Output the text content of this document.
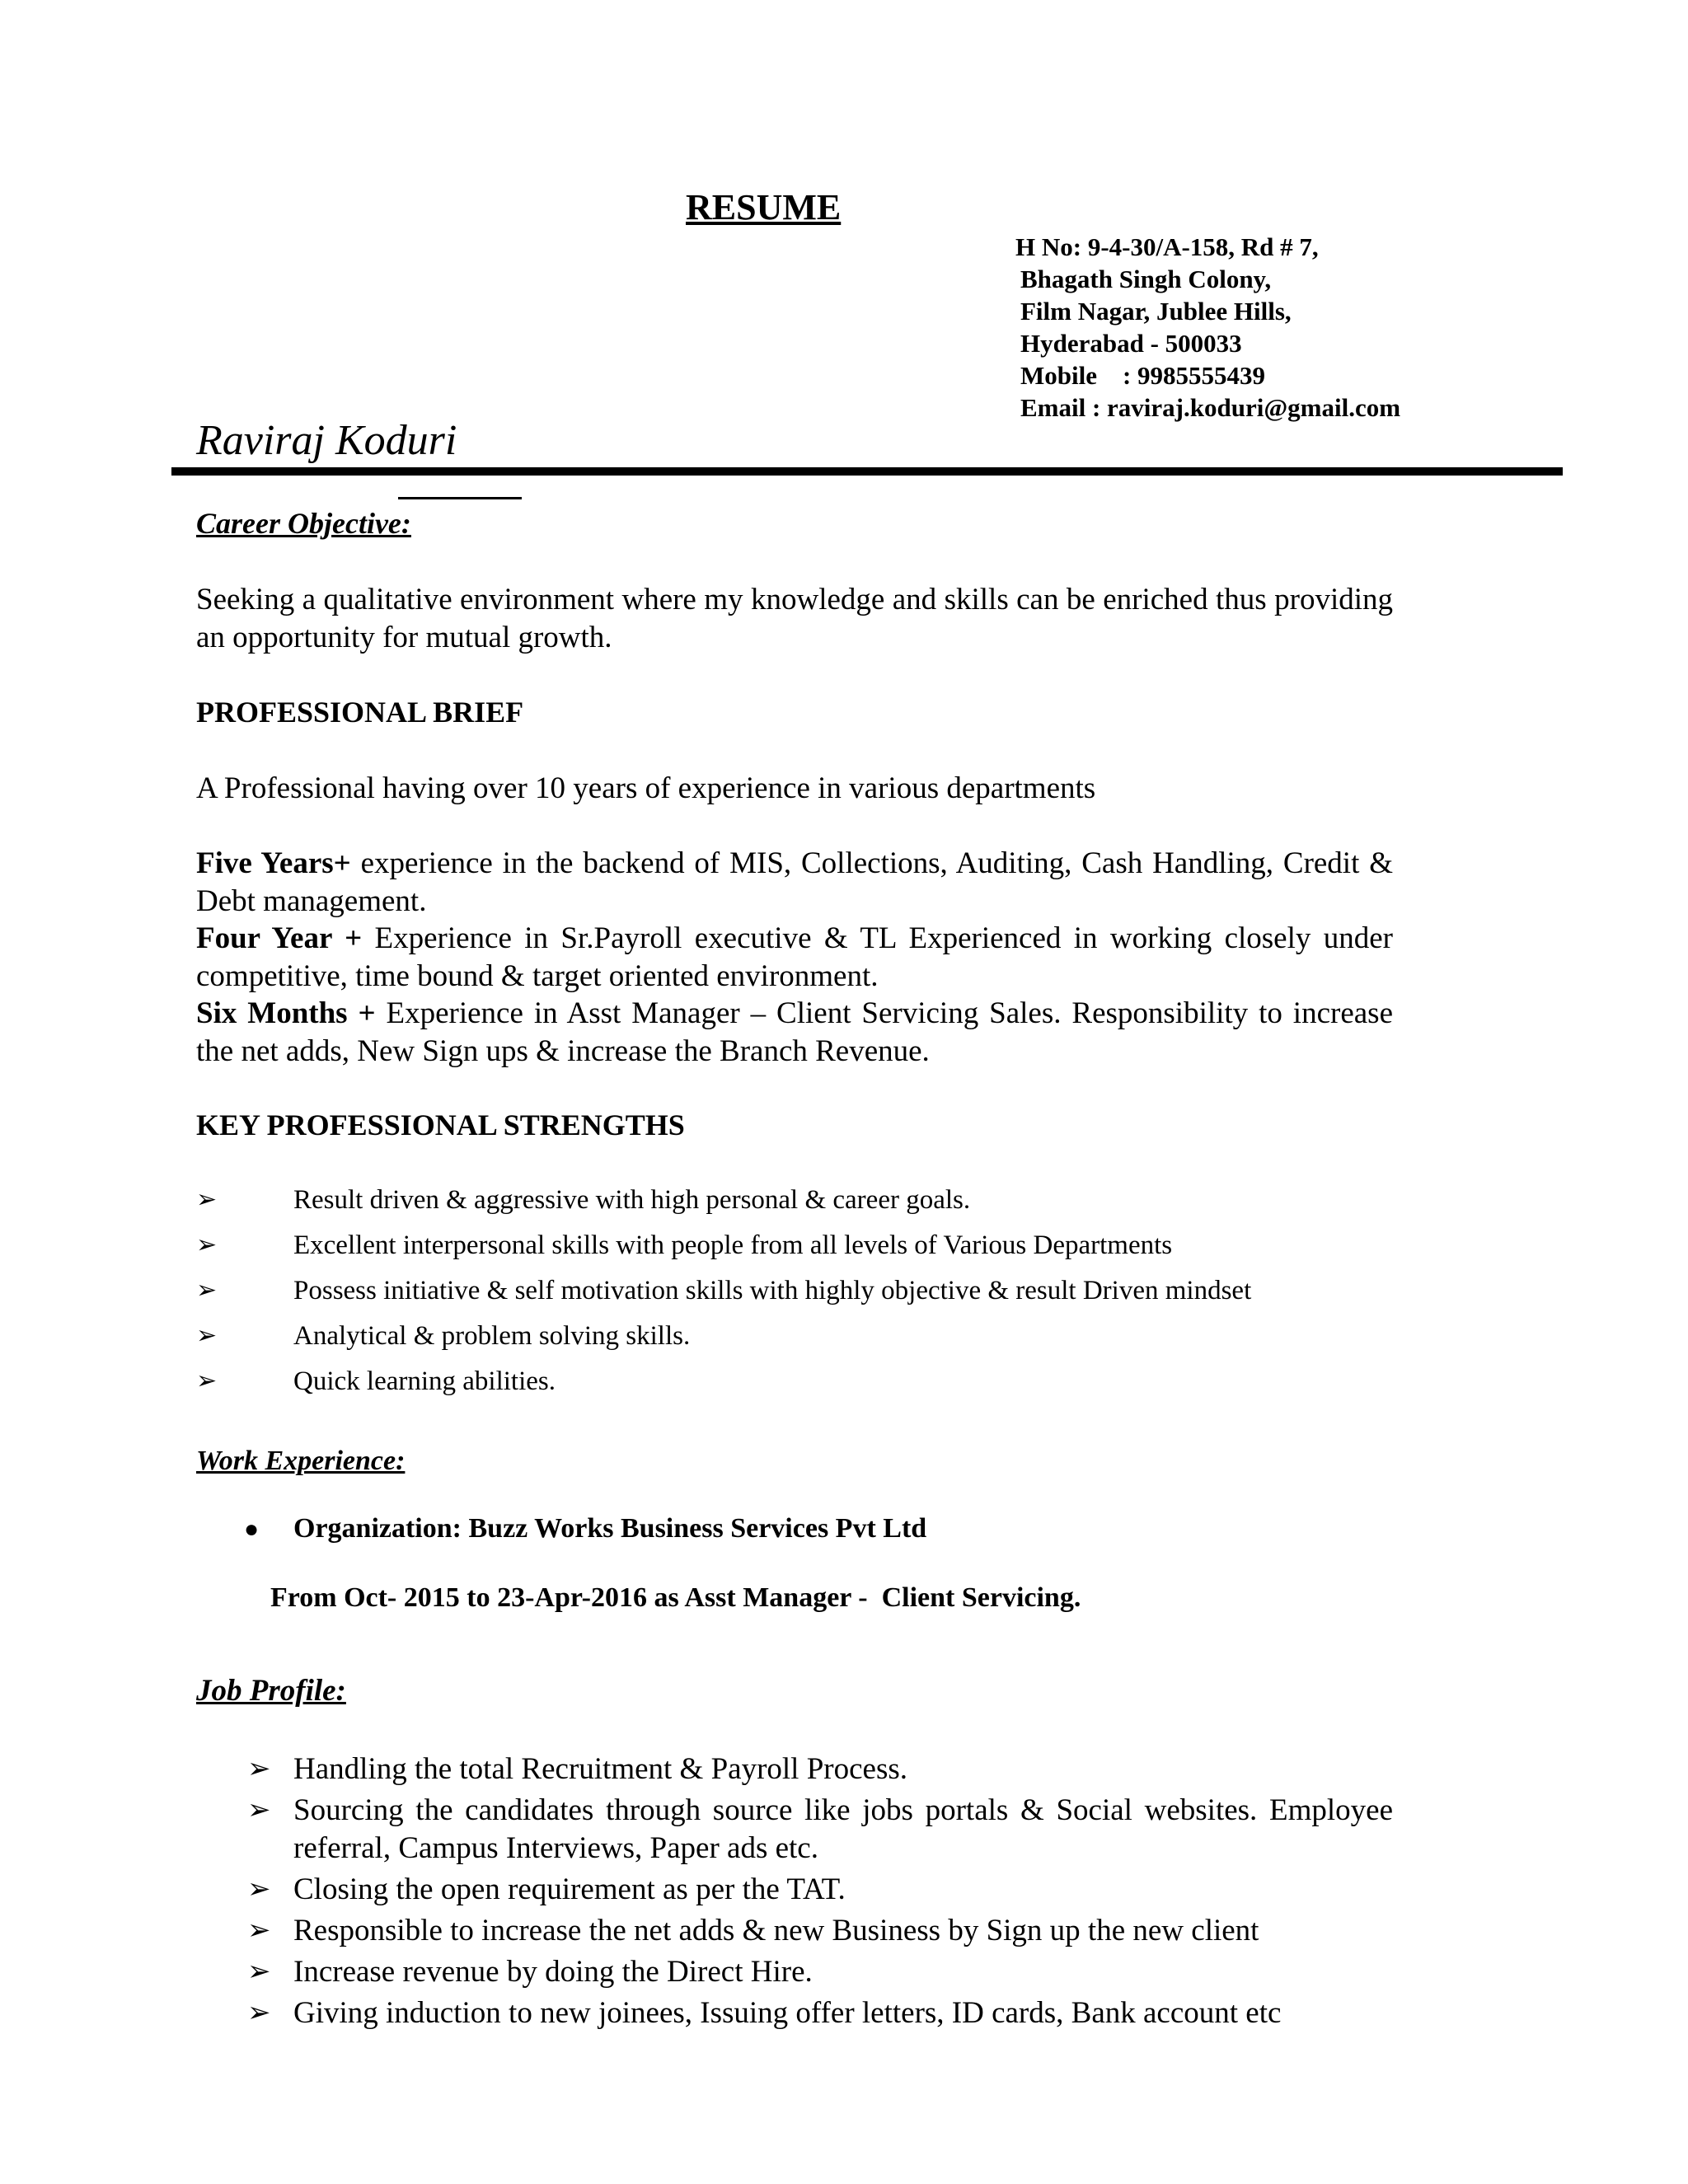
RESUME
H No: 9-4-30/A-158, Rd # 7,
Bhagath Singh Colony,
Film Nagar, Jublee Hills,
Hyderabad - 500033
Mobile    : 9985555439
Email : raviraj.koduri@gmail.com
Raviraj Koduri
Career Objective:
Seeking a qualitative environment where my knowledge and skills can be enriched thus providing an opportunity for mutual growth.
PROFESSIONAL BRIEF
A Professional having over 10 years of experience in various departments
Five Years+ experience in the backend of MIS, Collections, Auditing, Cash Handling, Credit & Debt management.
Four Year + Experience in Sr.Payroll executive & TL Experienced in working closely under competitive, time bound & target oriented environment.
Six Months + Experience in Asst Manager – Client Servicing Sales. Responsibility to increase the net adds, New Sign ups & increase the Branch Revenue.
KEY PROFESSIONAL STRENGTHS
➢	Result driven & aggressive with high personal & career goals.
➢	Excellent interpersonal skills with people from all levels of Various Departments
➢	Possess initiative & self motivation skills with highly objective & result Driven mindset
➢	Analytical & problem solving skills.
➢	Quick learning abilities.
Work Experience:
● Organization: Buzz Works Business Services Pvt Ltd
From Oct- 2015 to 23-Apr-2016 as Asst Manager -  Client Servicing.
Job Profile:
➢ Handling the total Recruitment & Payroll Process.
➢ Sourcing the candidates through source like jobs portals & Social websites. Employee referral, Campus Interviews, Paper ads etc.
➢ Closing the open requirement as per the TAT.
➢ Responsible to increase the net adds & new Business by Sign up the new client
➢ Increase revenue by doing the Direct Hire.
➢ Giving induction to new joinees, Issuing offer letters, ID cards, Bank account etc
